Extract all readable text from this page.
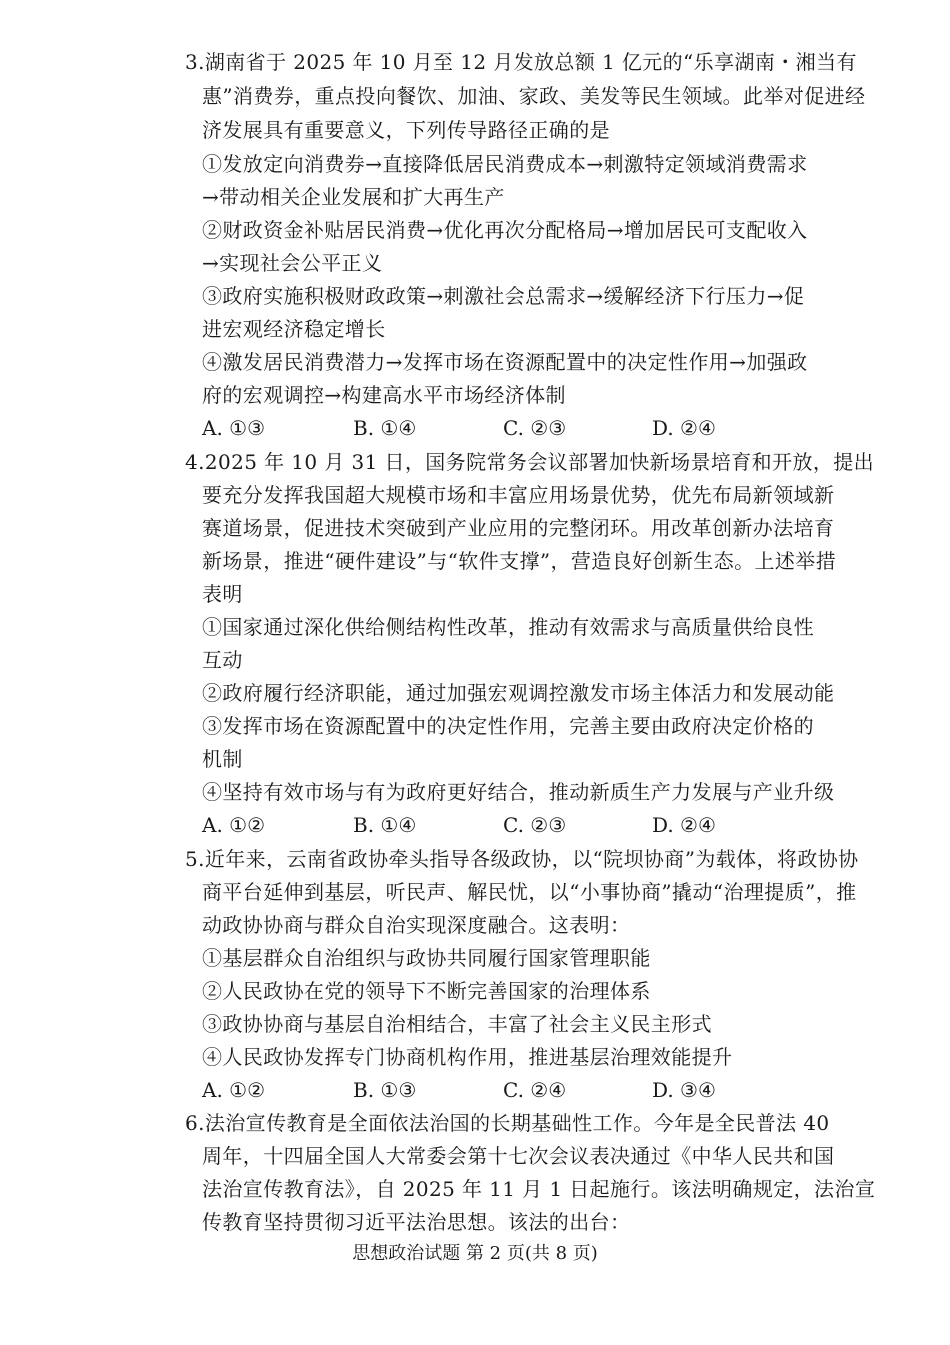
3.湖南省于 2025 年 10 月至 12 月发放总额 1 亿元的“乐享湖南・湘当有
惠”消费券，重点投向餐饮、加油、家政、美发等民生领域。此举对促进经
济发展具有重要意义，下列传导路径正确的是
①发放定向消费券→直接降低居民消费成本→刺激特定领域消费需求
→带动相关企业发展和扩大再生产
②财政资金补贴居民消费→优化再次分配格局→增加居民可支配收入
→实现社会公平正义
③政府实施积极财政政策→刺激社会总需求→缓解经济下行压力→促
进宏观经济稳定增长
④激发居民消费潜力→发挥市场在资源配置中的决定性作用→加强政
府的宏观调控→构建高水平市场经济体制
A. ①③	B. ①④	C. ②③	D. ②④
4.2025 年 10 月 31 日，国务院常务会议部署加快新场景培育和开放，提出
要充分发挥我国超大规模市场和丰富应用场景优势，优先布局新领域新
赛道场景，促进技术突破到产业应用的完整闭环。用改革创新办法培育
新场景，推进“硬件建设”与“软件支撑”，营造良好创新生态。上述举措
表明
①国家通过深化供给侧结构性改革，推动有效需求与高质量供给良性
互动
②政府履行经济职能，通过加强宏观调控激发市场主体活力和发展动能
③发挥市场在资源配置中的决定性作用，完善主要由政府决定价格的
机制
④坚持有效市场与有为政府更好结合，推动新质生产力发展与产业升级
A. ①②	B. ①④	C. ②③	D. ②④
5.近年来，云南省政协牵头指导各级政协，以“院坝协商”为载体，将政协协
商平台延伸到基层，听民声、解民忧，以“小事协商”撬动“治理提质”，推
动政协协商与群众自治实现深度融合。这表明：
①基层群众自治组织与政协共同履行国家管理职能
②人民政协在党的领导下不断完善国家的治理体系
③政协协商与基层自治相结合，丰富了社会主义民主形式
④人民政协发挥专门协商机构作用，推进基层治理效能提升
A. ①②	B. ①③	C. ②④	D. ③④
6.法治宣传教育是全面依法治国的长期基础性工作。今年是全民普法 40
周年，十四届全国人大常委会第十七次会议表决通过《中华人民共和国
法治宣传教育法》，自 2025 年 11 月 1 日起施行。该法明确规定，法治宣
传教育坚持贯彻习近平法治思想。该法的出台：
思想政治试题 第 2 页(共 8 页)
